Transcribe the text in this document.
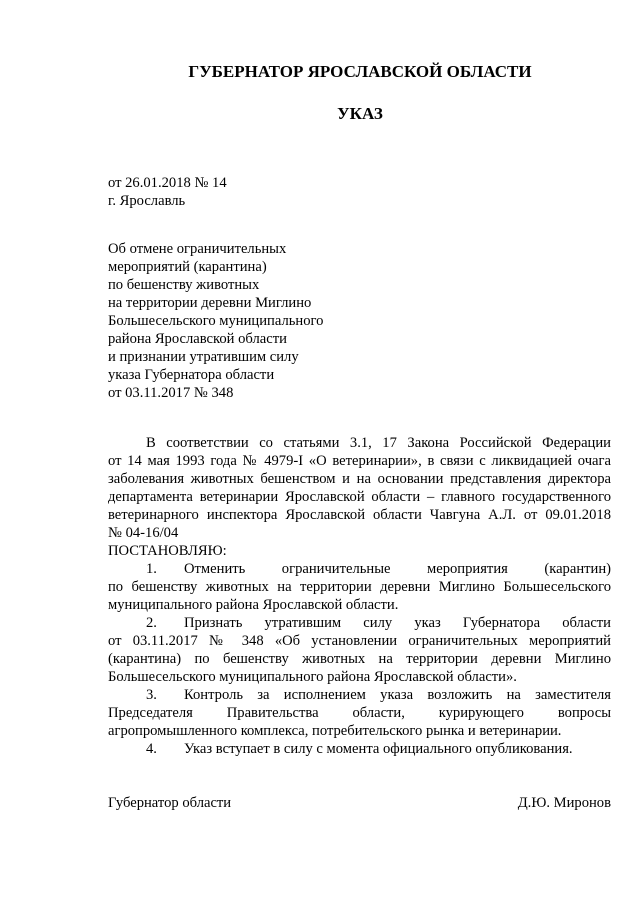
ГУБЕРНАТОР ЯРОСЛАВСКОЙ ОБЛАСТИ
УКАЗ
от 26.01.2018 № 14
г. Ярославль
Об отмене ограничительных
мероприятий (карантина)
по бешенству животных
на территории деревни Миглино
Большесельского муниципального
района Ярославской области
и признании утратившим силу
указа Губернатора области
от 03.11.2017 № 348
В соответствии со статьями 3.1, 17 Закона Российской Федерации
от 14 мая 1993 года № 4979-I «О ветеринарии», в связи с ликвидацией очага
заболевания животных бешенством и на основании представления директора
департамента ветеринарии Ярославской области – главного государственного
ветеринарного инспектора Ярославской области Чавгуна А.Л. от 09.01.2018
№ 04-16/04
ПОСТАНОВЛЯЮ:
1. Отменить ограничительные мероприятия (карантин)
по бешенству животных на территории деревни Миглино Большесельского
муниципального района Ярославской области.
2. Признать утратившим силу указ Губернатора области
от 03.11.2017 № 348 «Об установлении ограничительных мероприятий
(карантина) по бешенству животных на территории деревни Миглино
Большесельского муниципального района Ярославской области».
3. Контроль за исполнением указа возложить на заместителя
Председателя Правительства области, курирующего вопросы
агропромышленного комплекса, потребительского рынка и ветеринарии.
4. Указ вступает в силу с момента официального опубликования.
Губернатор области	Д.Ю. Миронов
